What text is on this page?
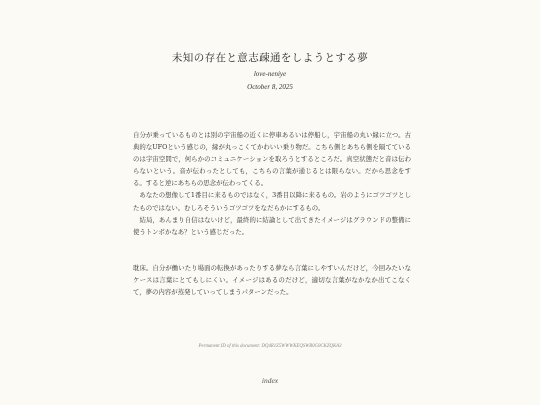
未知の存在と意志疎通をしようとする夢
love-neniye
October 8, 2025

自分が乗っているものとは別の宇宙船の近くに停車あるいは停船し，宇宙船の丸い縁に立つ。古典的なUFOという感じの，縁が丸っこくてかわいい乗り物だ。こちら側とあちら側を隔てているのは宇宙空間で，何らかのコミュニケーションを取ろうとするところだ。真空状態だと音は伝わらないという。音が伝わったとしても，こちらの言葉が通じるとは限らない。だから思念をする。すると逆にあちらの思念が伝わってくる。

　あなたの想像して1番目に来るものではなく，3番目以降に来るもの。岩のようにゴツゴツとしたものではない。むしろそういうゴツゴツをなだらかにするもの。

　結局，あんまり自信はないけど，最終的に結論として出てきたイメージはグラウンドの整備に使うトンボかなあ？という感じだった。

耽床。自分が働いたり場面の転換があったりする夢なら言葉にしやすいんだけど，今回みたいなケースは言葉にとてもしにくい。イメージはあるのだけど，適切な言葉がなかなか出てこなくて，夢の内容が蒸発していってしまうパターンだった。

Permanent ID of this document: DQ4R1Z5WWWKEQSWR0G0CKZQKA3
index
